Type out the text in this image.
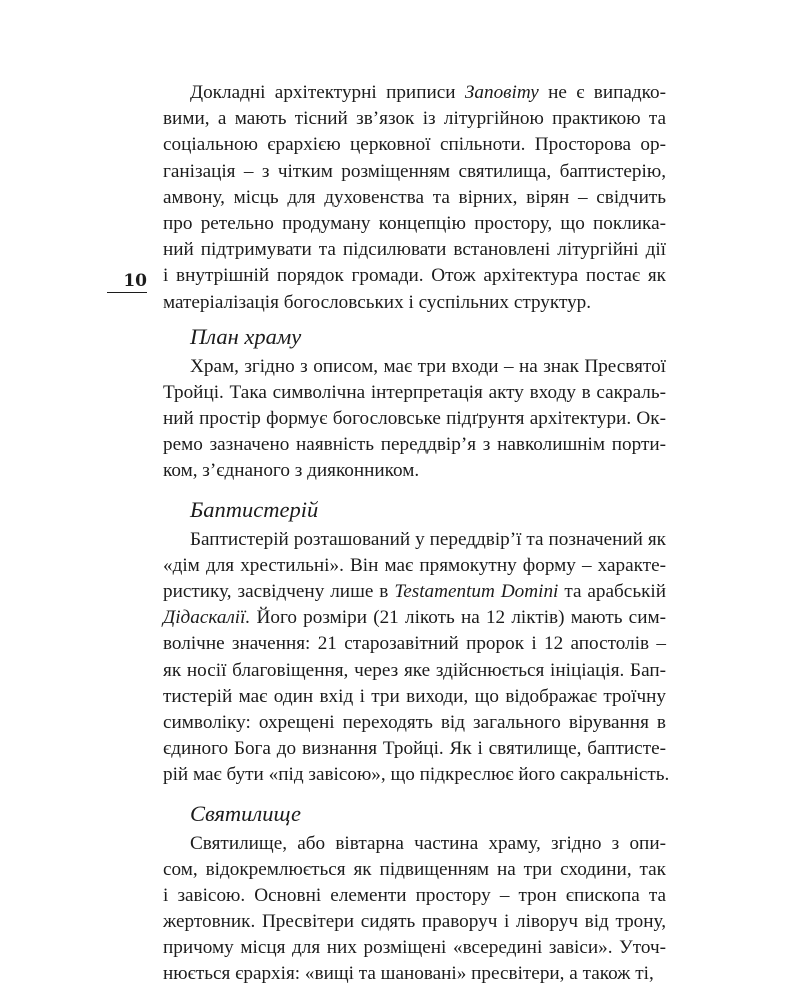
10
Докладні архітектурні приписи Заповіту не є випадко-
вими, а мають тісний зв’язок із літургійною практикою та
соціальною єрархією церковної спільноти. Просторова ор-
ганізація – з чітким розміщенням святилища, баптистерію,
амвону, місць для духовенства та вірних, вірян – свідчить
про ретельно продуману концепцію простору, що поклика-
ний підтримувати та підсилювати встановлені літургійні дії
і внутрішній порядок громади. Отож архітектура постає як
матеріалізація богословських і суспільних структур.
План храму
Храм, згідно з описом, має три входи – на знак Пресвятої
Тройці. Така символічна інтерпретація акту входу в сакраль-
ний простір формує богословське підґрунтя архітектури. Ок-
ремо зазначено наявність переддвір’я з навколишнім порти-
ком, з’єднаного з дияконником.
Баптистерій
Баптистерій розташований у переддвір’ї та позначений як
«дім для хрестильні». Він має прямокутну форму – характе-
ристику, засвідчену лише в Testamentum Domini та арабській
Дідаскалії. Його розміри (21 лікоть на 12 ліктів) мають сим-
волічне значення: 21 старозавітний пророк і 12 апостолів –
як носії благовіщення, через яке здійснюється ініціація. Бап-
тистерій має один вхід і три виходи, що відображає троїчну
символіку: охрещені переходять від загального вірування в
єдиного Бога до визнання Тройці. Як і святилище, баптисте-
рій має бути «під завісою», що підкреслює його сакральність.
Святилище
Святилище, або вівтарна частина храму, згідно з опи-
сом, відокремлюється як підвищенням на три сходини, так
і завісою. Основні елементи простору – трон єпископа та
жертовник. Пресвітери сидять праворуч і ліворуч від трону,
причому місця для них розміщені «всередині завіси». Уточ-
нюється єрархія: «вищі та шановані» пресвітери, а також ті,
